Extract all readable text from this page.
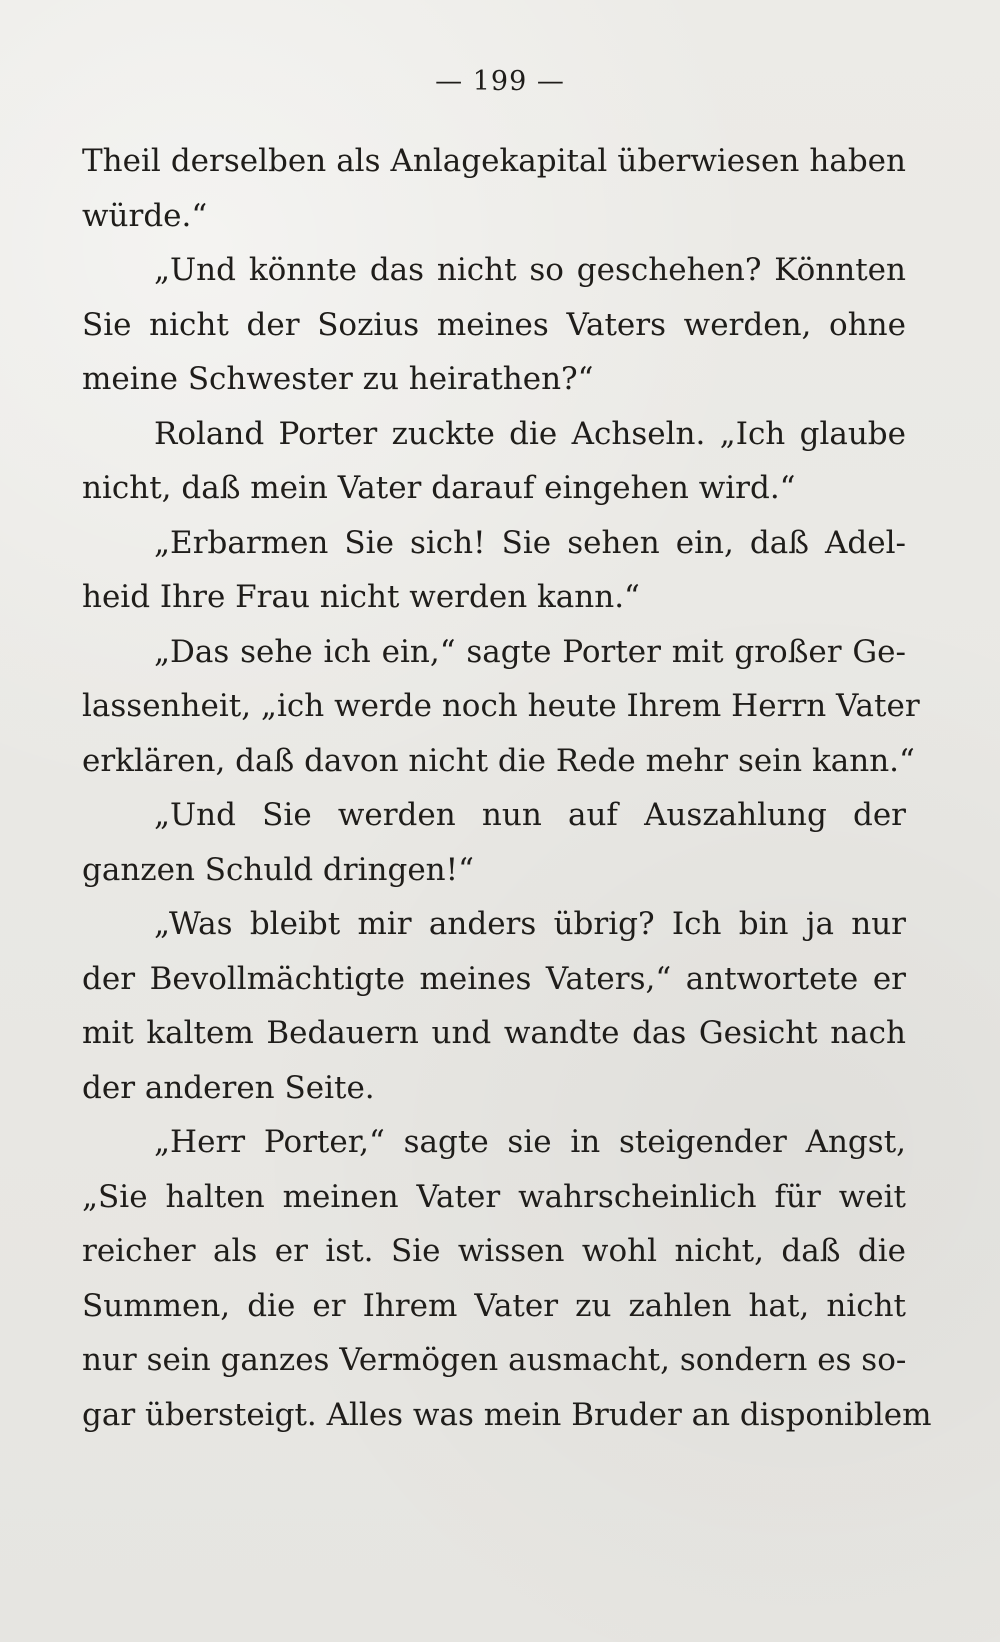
— 199 —
Theil derselben als Anlagekapital überwiesen haben
würde.“
„Und könnte das nicht so geschehen? Könnten
Sie nicht der Sozius meines Vaters werden, ohne
meine Schwester zu heirathen?“
Roland Porter zuckte die Achseln. „Ich glaube
nicht, daß mein Vater darauf eingehen wird.“
„Erbarmen Sie sich! Sie sehen ein, daß Adel-
heid Ihre Frau nicht werden kann.“
„Das sehe ich ein,“ sagte Porter mit großer Ge-
lassenheit, „ich werde noch heute Ihrem Herrn Vater
erklären, daß davon nicht die Rede mehr sein kann.“
„Und Sie werden nun auf Auszahlung der
ganzen Schuld dringen!“
„Was bleibt mir anders übrig? Ich bin ja nur
der Bevollmächtigte meines Vaters,“ antwortete er
mit kaltem Bedauern und wandte das Gesicht nach
der anderen Seite.
„Herr Porter,“ sagte sie in steigender Angst,
„Sie halten meinen Vater wahrscheinlich für weit
reicher als er ist. Sie wissen wohl nicht, daß die
Summen, die er Ihrem Vater zu zahlen hat, nicht
nur sein ganzes Vermögen ausmacht, sondern es so-
gar übersteigt. Alles was mein Bruder an disponiblem
